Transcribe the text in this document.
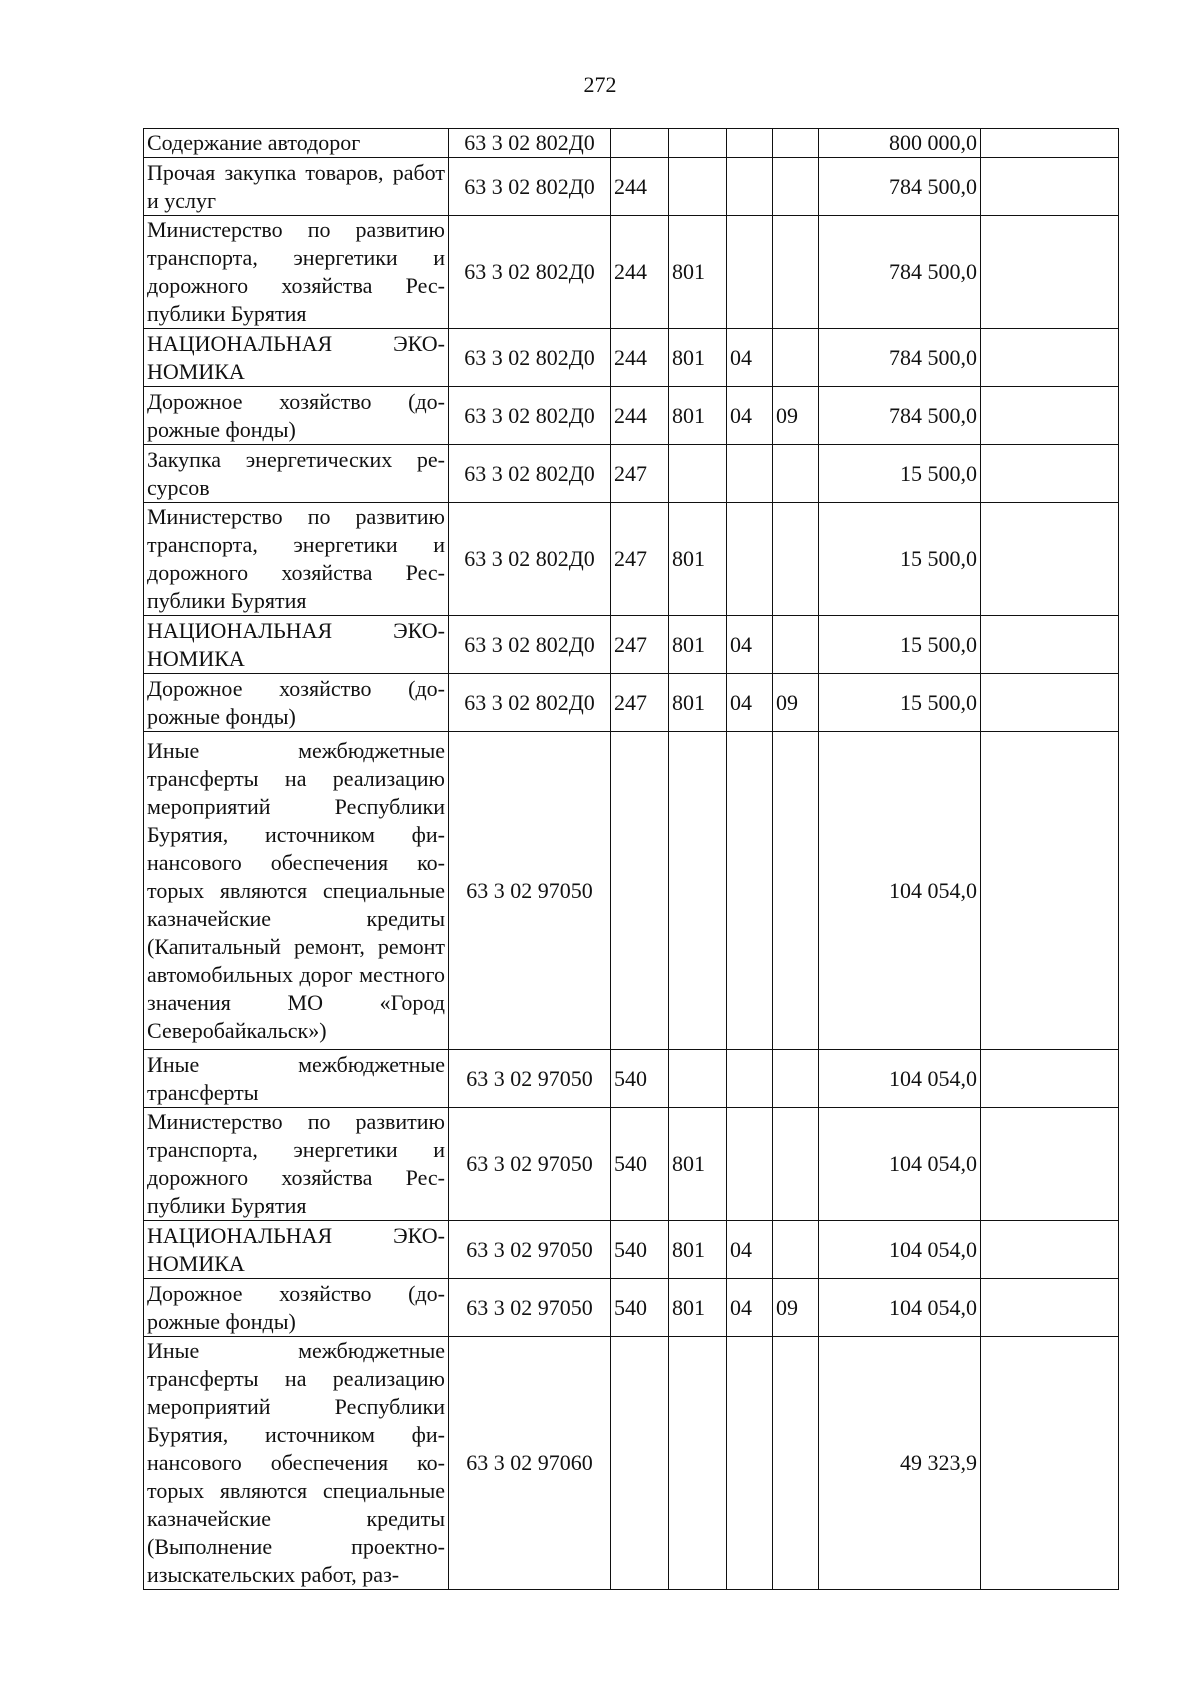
272
Содержание автодорог	63 3 02 802Д0					800 000,0	
Прочая закупка товаров, работ и услуг	63 3 02 802Д0	244				784 500,0	
Министерство по развитию транспорта, энергетики и дорожного хозяйства Республики Бурятия	63 3 02 802Д0	244	801			784 500,0	
НАЦИОНАЛЬНАЯ ЭКОНОМИКА	63 3 02 802Д0	244	801	04		784 500,0	
Дорожное хозяйство (дорожные фонды)	63 3 02 802Д0	244	801	04	09	784 500,0	
Закупка энергетических ресурсов	63 3 02 802Д0	247				15 500,0	
Министерство по развитию транспорта, энергетики и дорожного хозяйства Республики Бурятия	63 3 02 802Д0	247	801			15 500,0	
НАЦИОНАЛЬНАЯ ЭКОНОМИКА	63 3 02 802Д0	247	801	04		15 500,0	
Дорожное хозяйство (дорожные фонды)	63 3 02 802Д0	247	801	04	09	15 500,0	
Иные межбюджетные трансферты на реализацию мероприятий Республики Бурятия, источником финансового обеспечения которых являются специальные казначейские кредиты (Капитальный ремонт, ремонт автомобильных дорог местного значения МО «Город Северобайкальск»)	63 3 02 97050					104 054,0	
Иные межбюджетные трансферты	63 3 02 97050	540				104 054,0	
Министерство по развитию транспорта, энергетики и дорожного хозяйства Республики Бурятия	63 3 02 97050	540	801			104 054,0	
НАЦИОНАЛЬНАЯ ЭКОНОМИКА	63 3 02 97050	540	801	04		104 054,0	
Дорожное хозяйство (дорожные фонды)	63 3 02 97050	540	801	04	09	104 054,0	
Иные межбюджетные трансферты на реализацию мероприятий Республики Бурятия, источником финансового обеспечения которых являются специальные казначейские кредиты (Выполнение проектно-изыскательских работ, раз-	63 3 02 97060					49 323,9	
